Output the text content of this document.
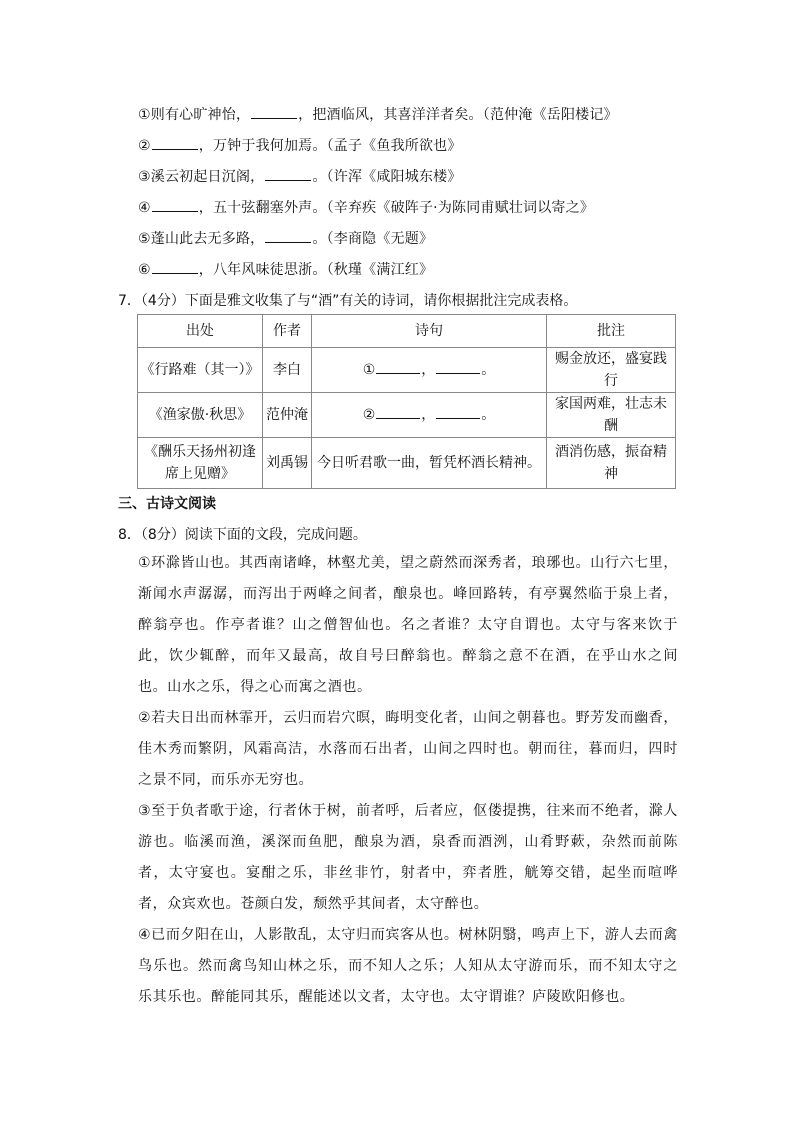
①则有心旷神怡，	，把酒临风，其喜洋洋者矣。（范仲淹《岳阳楼记》
②	，万钟于我何加焉。（孟子《鱼我所欲也》
③溪云初起日沉阁，	。（许浑《咸阳城东楼》
④	，五十弦翻塞外声。（辛弃疾《破阵子·为陈同甫赋壮词以寄之》
⑤蓬山此去无多路，	。（李商隐《无题》
⑥	，八年风味徒思浙。（秋瑾《满江红》
7．（4分）下面是雅文收集了与“酒”有关的诗词，请你根据批注完成表格。
出处	作者	诗句	批注
《行路难（其一）》	李白	① ， 。	赐金放还，盛宴践行
《渔家傲·秋思》	范仲淹	② ， 。	家国两难，壮志未酬

《酬乐天扬州初逢
席上见赠》	刘禹锡	今日听君歌一曲，暂凭杯酒长精神。	酒消伤感，振奋精神
三、古诗文阅读
8．（8分）阅读下面的文段，完成问题。

①环滁皆山也。其西南诸峰，林壑尤美，望之蔚然而深秀者，琅琊也。山行六七里，渐闻水声潺潺，而泻出于两峰之间者，酿泉也。峰回路转，有亭翼然临于泉上者，醉翁亭也。作亭者谁？山之僧智仙也。名之者谁？太守自谓也。太守与客来饮于此，饮少辄醉，而年又最高，故自号曰醉翁也。醉翁之意不在酒，在乎山水之间也。山水之乐，得之心而寓之酒也。

②若夫日出而林霏开，云归而岩穴暝，晦明变化者，山间之朝暮也。野芳发而幽香，佳木秀而繁阴，风霜高洁，水落而石出者，山间之四时也。朝而往，暮而归，四时之景不同，而乐亦无穷也。

③至于负者歌于途，行者休于树，前者呼，后者应，伛偻提携，往来而不绝者，滁人游也。临溪而渔，溪深而鱼肥，酿泉为酒，泉香而酒洌，山肴野蔌，杂然而前陈者，太守宴也。宴酣之乐，非丝非竹，射者中，弈者胜，觥筹交错，起坐而喧哗者，众宾欢也。苍颜白发，颓然乎其间者，太守醉也。

④已而夕阳在山，人影散乱，太守归而宾客从也。树林阴翳，鸣声上下，游人去而禽鸟乐也。然而禽鸟知山林之乐，而不知人之乐；人知从太守游而乐，而不知太守之乐其乐也。醉能同其乐，醒能述以文者，太守也。太守谓谁？庐陵欧阳修也。
